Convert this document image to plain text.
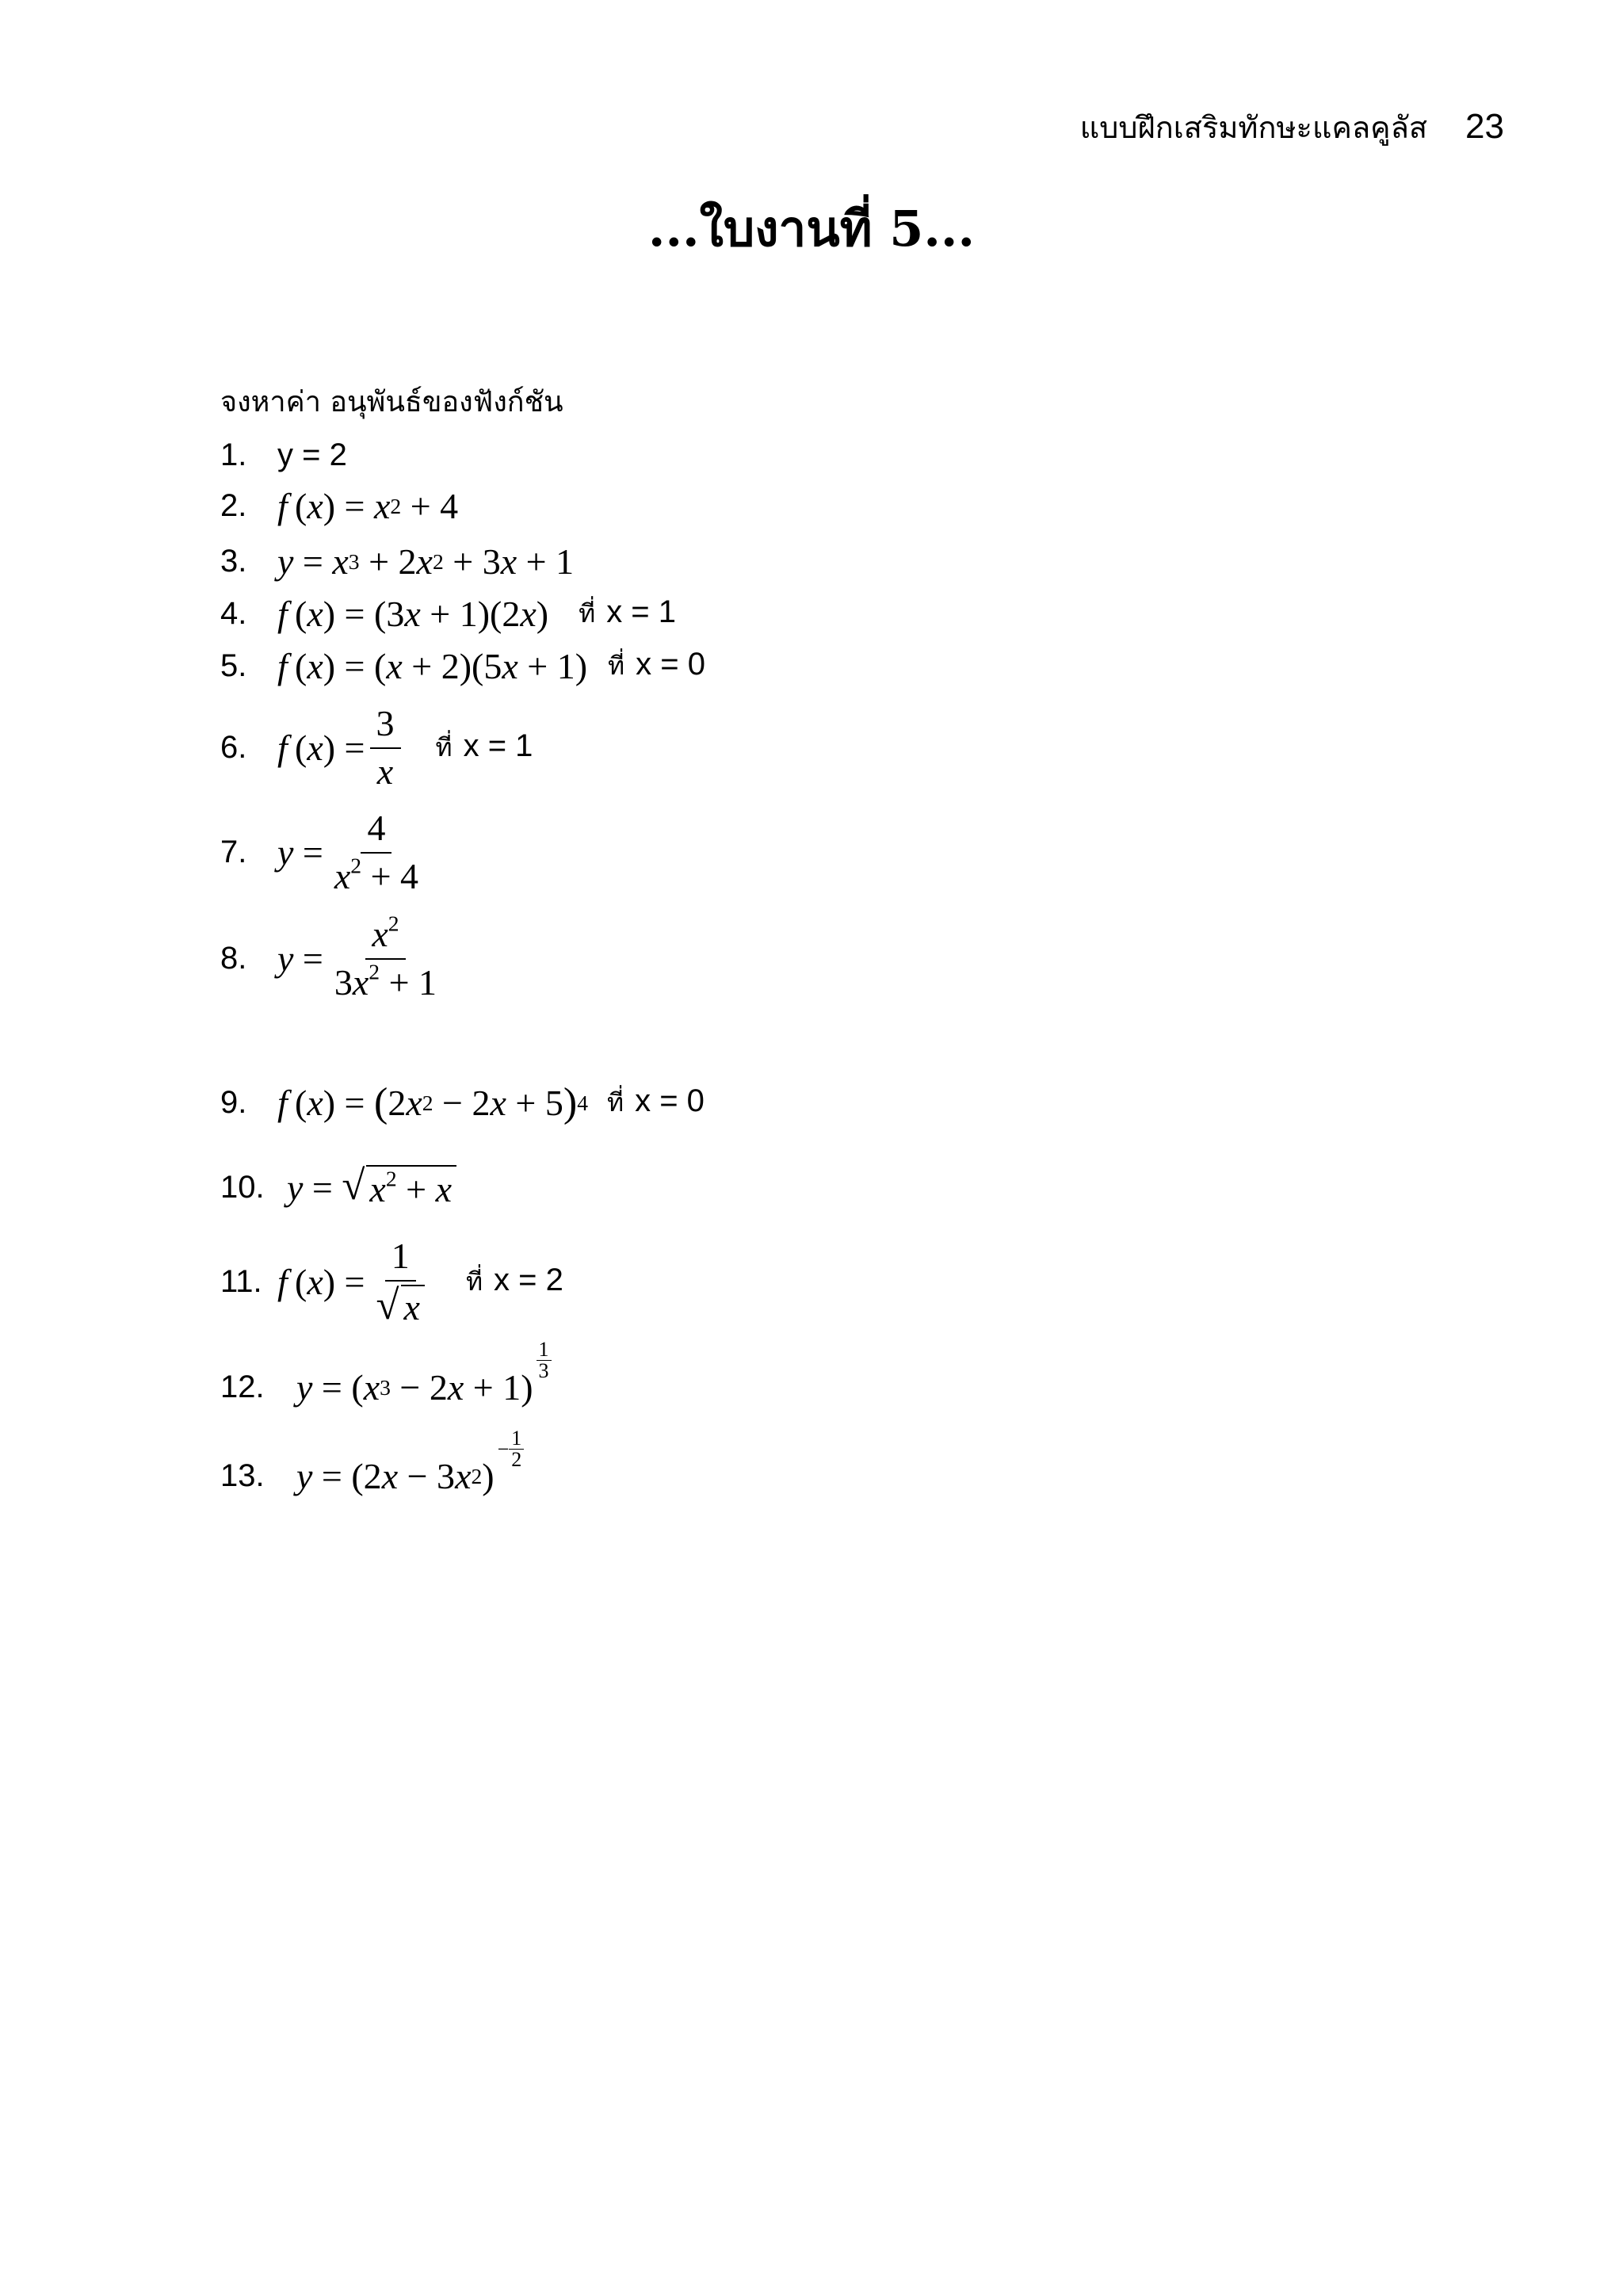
แบบฝึกเสริมทักษะแคลคูลัส 23
...ใบงานที่ 5...
จงหาค่า อนุพันธ์ของฟังก์ชัน
1. y = 2
2. f  ( x ) = x 2 + 4
3. y = x 3 + 2 x 2 + 3 x + 1
4. f  ( x ) = (3 x + 1)(2 x ) ที่ x = 1
5. f  ( x ) = ( x + 2)(5 x + 1) ที่ x = 0
6. f  ( x ) = $\frac{3}{x}$ ที่ x = 1
7. $y = \frac{4}{x^2 + 4}$
8. $y = \frac{x^2}{3x^2 + 1}$
9. f  ( x ) = ( 2 x 2 − 2 x + 5 ) 4 ที่ x = 0
10. y = √ $x^2 + x$
11. f  ( x ) = $\frac{1}{√ x}$ ที่ x = 2
12. y = ( x 3 − 2 x + 1)
1
3
13. y = (2 x − 3 x 2 )
− $\frac{1}{2}$
